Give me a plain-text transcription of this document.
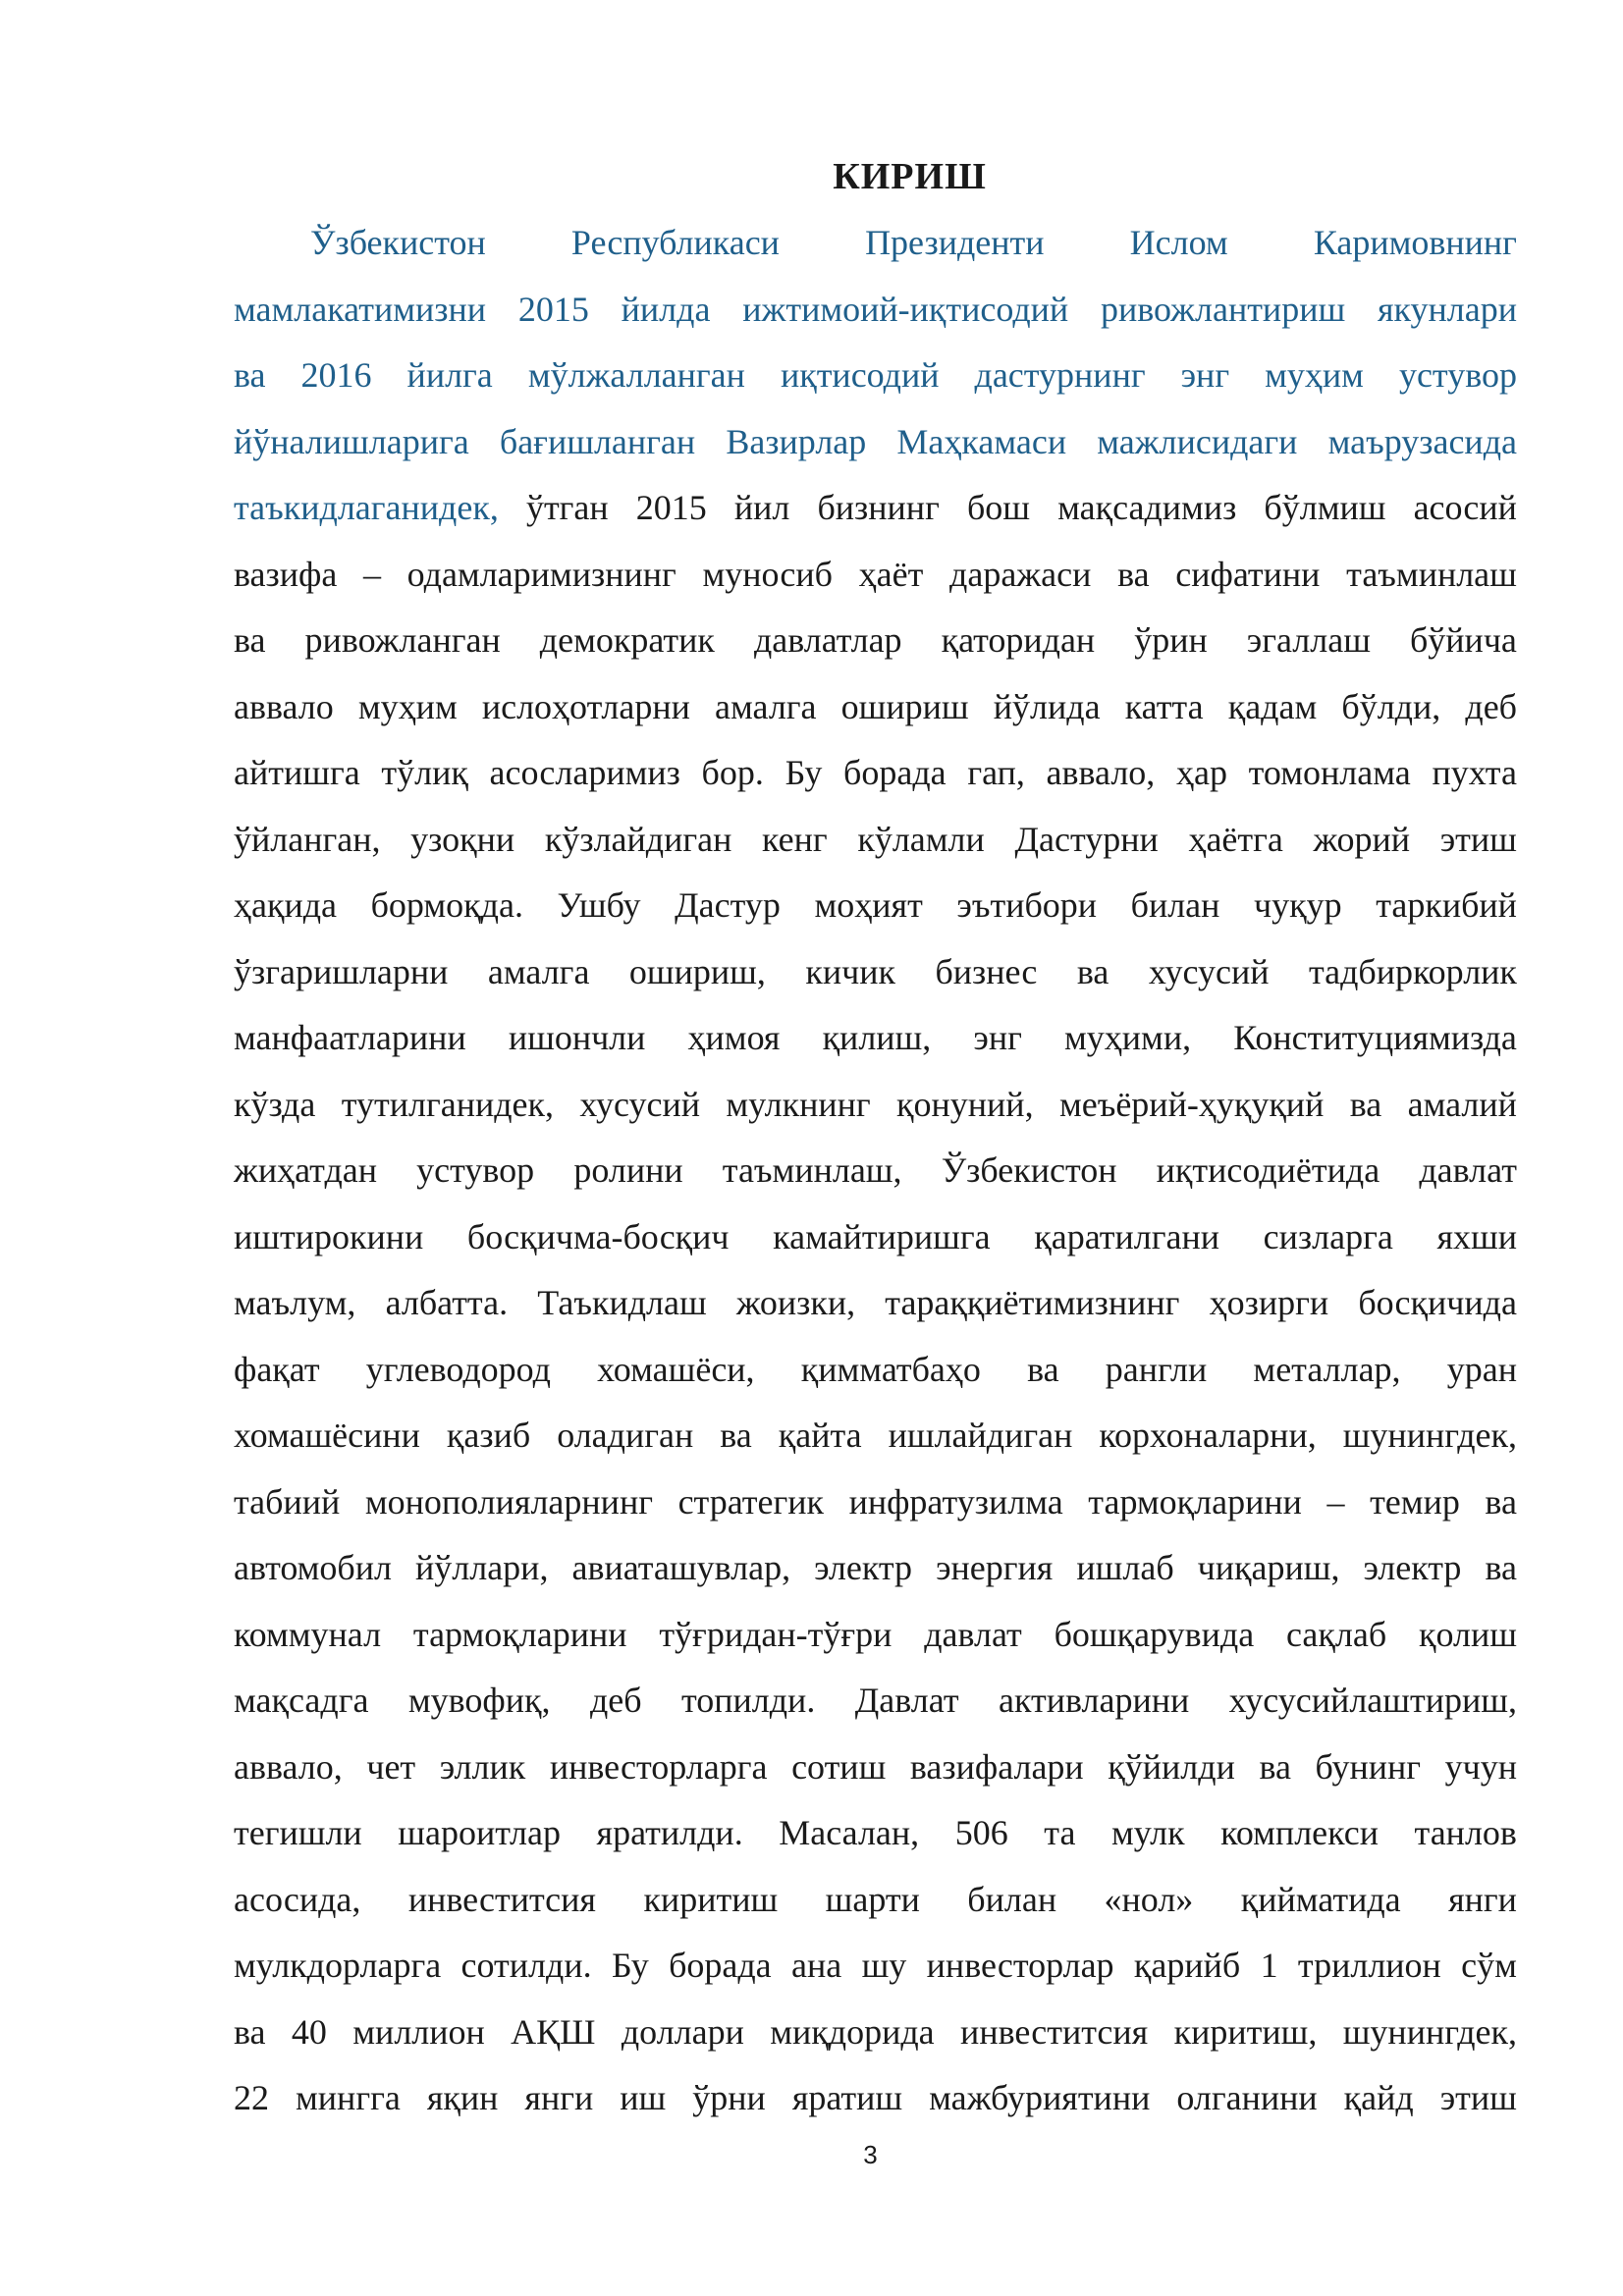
КИРИШ
Ўзбекистон Республикаси Президенти Ислом Каримовнинг
мамлакатимизни 2015 йилда ижтимоий-иқтисодий ривожлантириш якунлари
ва 2016 йилга мўлжалланган иқтисодий дастурнинг энг муҳим устувор
йўналишларига бағишланган Вазирлар Маҳкамаси мажлисидаги маърузасида
таъкидлаганидек, ўтган 2015 йил бизнинг бош мақсадимиз бўлмиш асосий
вазифа – одамларимизнинг муносиб ҳаёт даражаси ва сифатини таъминлаш
ва ривожланган демократик давлатлар қаторидан ўрин эгаллаш бўйича
аввало муҳим ислоҳотларни амалга ошириш йўлида катта қадам бўлди, деб
айтишга тўлиқ асосларимиз бор. Бу борада гап, аввало, ҳар томонлама пухта
ўйланган, узоқни кўзлайдиган кенг кўламли Дастурни ҳаётга жорий этиш
ҳақида бормоқда. Ушбу Дастур моҳият эътибори билан чуқур таркибий
ўзгаришларни амалга ошириш, кичик бизнес ва хусусий тадбиркорлик
манфаатларини ишончли ҳимоя қилиш, энг муҳими, Конституциямизда
кўзда тутилганидек, хусусий мулкнинг қонуний, меъёрий-ҳуқуқий ва амалий
жиҳатдан устувор ролини таъминлаш, Ўзбекистон иқтисодиётида давлат
иштирокини босқичма-босқич камайтиришга қаратилгани сизларга яхши
маълум, албатта. Таъкидлаш жоизки, тараққиётимизнинг ҳозирги босқичида
фақат углеводород хомашёси, қимматбаҳо ва рангли металлар, уран
хомашёсини қазиб оладиган ва қайта ишлайдиган корхоналарни, шунингдек,
табиий монополияларнинг стратегик инфратузилма тармоқларини – темир ва
автомобил йўллари, авиаташувлар, электр энергия ишлаб чиқариш, электр ва
коммунал тармоқларини тўғридан-тўғри давлат бошқарувида сақлаб қолиш
мақсадга мувофиқ, деб топилди. Давлат активларини хусусийлаштириш,
аввало, чет эллик инвесторларга сотиш вазифалари қўйилди ва бунинг учун
тегишли шароитлар яратилди. Масалан, 506 та мулк комплекси танлов
асосида, инвеститсия киритиш шарти билан «нол» қийматида янги
мулкдорларга сотилди. Бу борада ана шу инвесторлар қарийб 1 триллион сўм
ва 40 миллион АҚШ доллари миқдорида инвеститсия киритиш, шунингдек,
22 мингга яқин янги иш ўрни яратиш мажбуриятини олганини қайд этиш
3
